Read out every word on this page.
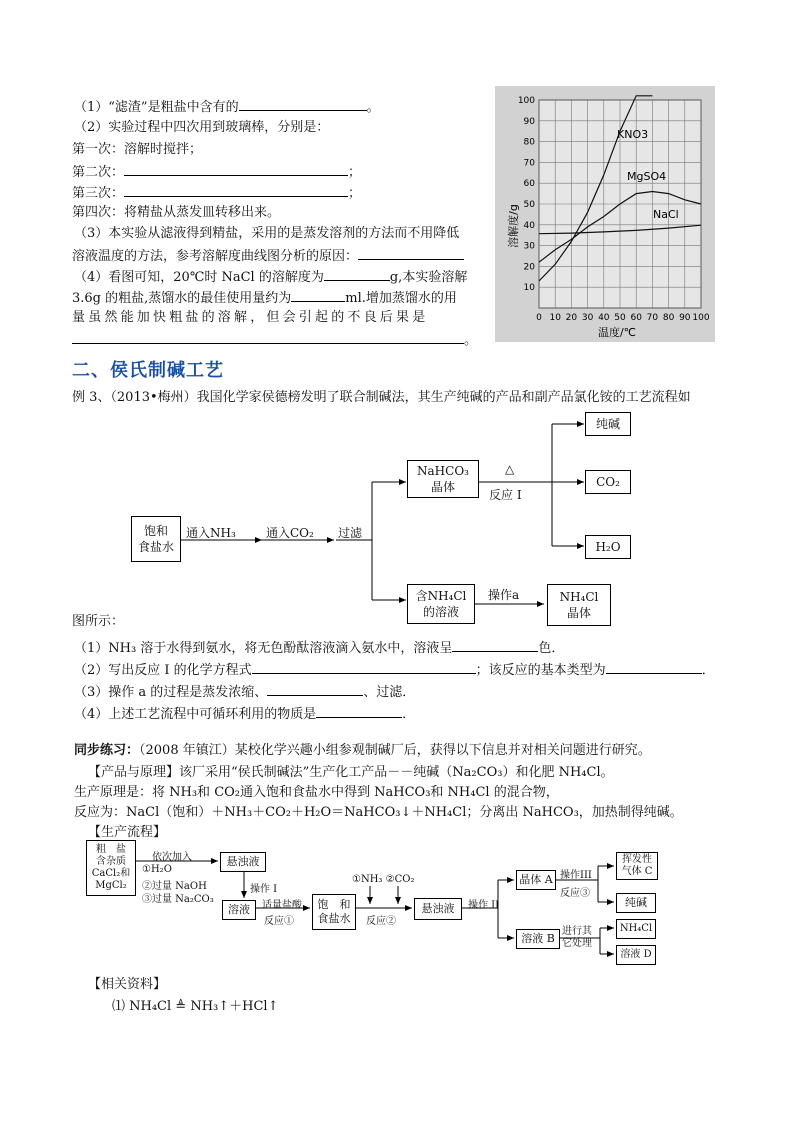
（1）“滤渣”是粗盐中含有的	。
（2）实验过程中四次用到玻璃棒，分别是：
第一次：溶解时搅拌；
第二次：	；
第三次：	；
第四次：将精盐从蒸发皿转移出来。
（3）本实验从滤液得到精盐，采用的是蒸发溶剂的方法而不用降低
溶液温度的方法，参考溶解度曲线图分析的原因：
（4）看图可知，20℃时 NaCl 的溶解度为	g,本实验溶解
3.6g 的粗盐,蒸馏水的最佳使用量约为	ml.增加蒸馏水的用
量虽然能加快粗盐的溶解，但会引起的不良后果是
。
0 10 20 30 40 50 60 70 80 90 100
10
20
30
40
50
60
70
80
90
100
KNO3
MgSO4
NaCl
溶解度/g
温度/℃
二、侯氏制碱工艺
例 3、（2013•梅州）我国化学家侯德榜发明了联合制碱法，其生产纯碱的产品和副产品氯化铵的工艺流程如
饱和
食盐水
通入NH₃	通入CO₂ 过滤
NaHCO₃
晶体
△
反应 I
纯碱
CO₂
H₂O
含NH₄Cl
的溶液
操作a	NH₄Cl
晶体
图所示：
（1）NH₃ 溶于水得到氨水，将无色酚酞溶液滴入氨水中，溶液呈	色．
（2）写出反应 I 的化学方程式	；该反应的基本类型为	．
（3）操作 a 的过程是蒸发浓缩、	、过滤．
（4）上述工艺流程中可循环利用的物质是	．
同步练习：（2008 年镇江）某校化学兴趣小组参观制碱厂后，获得以下信息并对相关问题进行研究。
【产品与原理】该厂采用“侯氏制碱法”生产化工产品－－纯碱（Na₂CO₃）和化肥 NH₄Cl。
生产原理是：将 NH₃和 CO₂通入饱和食盐水中得到 NaHCO₃和 NH₄Cl 的混合物，
反应为：NaCl（饱和）＋NH₃＋CO₂＋H₂O＝NaHCO₃↓＋NH₄Cl；分离出 NaHCO₃，加热制得纯碱。
【生产流程】
粗　盐
含杂质
CaCl₂和
MgCl₂
依次加入
①H₂O
②过量 NaOH
③过量 Na₂CO₃
悬浊液
操作 I
溶液	适量盐酸
反应①
饱　和
食盐水
①NH₃ ②CO₂
反应②
悬浊液	操作 II
晶体 A 操作III
反应③
挥发性
气体 C
纯碱
溶液 B
进行其
它处理
NH₄Cl
溶液 D
【相关资料】
⑴ NH₄Cl ≜ NH₃↑＋HCl↑
